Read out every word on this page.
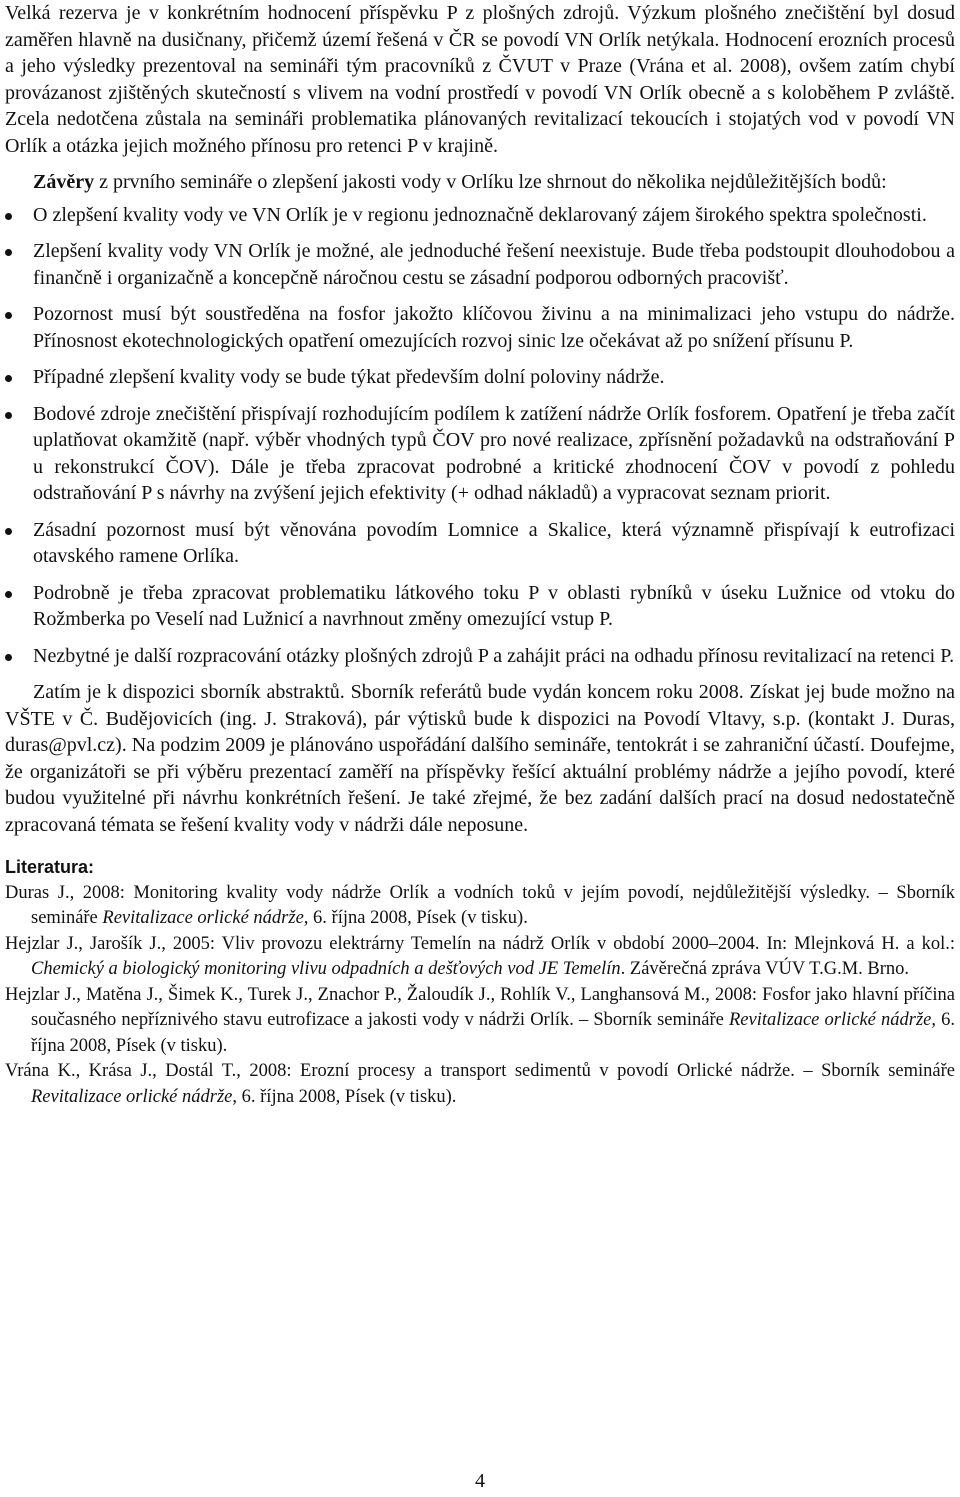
Velká rezerva je v konkrétním hodnocení příspěvku P z plošných zdrojů. Výzkum plošného znečištění byl dosud zaměřen hlavně na dusičnany, přičemž území řešená v ČR se povodí VN Orlík netýkala. Hodnocení erozních procesů a jeho výsledky prezentoval na semináři tým pracovníků z ČVUT v Praze (Vrána et al. 2008), ovšem zatím chybí provázanost zjištěných skutečností s vlivem na vodní prostředí v povodí VN Orlík obecně a s koloběhem P zvláště. Zcela nedotčena zůstala na semináři problematika plánovaných revitalizací tekoucích i stojatých vod v povodí VN Orlík a otázka jejich možného přínosu pro retenci P v krajině.

Závěry z prvního semináře o zlepšení jakosti vody v Orlíku lze shrnout do několika nejdůležitějších bodů:

O zlepšení kvality vody ve VN Orlík je v regionu jednoznačně deklarovaný zájem širokého spektra společnosti.
Zlepšení kvality vody VN Orlík je možné, ale jednoduché řešení neexistuje. Bude třeba podstoupit dlouhodobou a finančně i organizačně a koncepčně náročnou cestu se zásadní podporou odborných pracovišť.
Pozornost musí být soustředěna na fosfor jakožto klíčovou živinu a na minimalizaci jeho vstupu do nádrže. Přínosnost ekotechnologických opatření omezujících rozvoj sinic lze očekávat až po snížení přísunu P.
Případné zlepšení kvality vody se bude týkat především dolní poloviny nádrže.
Bodové zdroje znečištění přispívají rozhodujícím podílem k zatížení nádrže Orlík fosforem. Opatření je třeba začít uplatňovat okamžitě (např. výběr vhodných typů ČOV pro nové realizace, zpřísnění požadavků na odstraňování P u rekonstrukcí ČOV). Dále je třeba zpracovat podrobné a kritické zhodnocení ČOV v povodí z pohledu odstraňování P s návrhy na zvýšení jejich efektivity (+ odhad nákladů) a vypracovat seznam priorit.
Zásadní pozornost musí být věnována povodím Lomnice a Skalice, která významně přispívají k eutrofizaci otavského ramene Orlíka.
Podrobně je třeba zpracovat problematiku látkového toku P v oblasti rybníků v úseku Lužnice od vtoku do Rožmberka po Veselí nad Lužnicí a navrhnout změny omezující vstup P.
Nezbytné je další rozpracování otázky plošných zdrojů P a zahájit práci na odhadu přínosu revitalizací na retenci P.

Zatím je k dispozici sborník abstraktů. Sborník referátů bude vydán koncem roku 2008. Získat jej bude možno na VŠTE v Č. Budějovicích (ing. J. Straková), pár výtisků bude k dispozici na Povodí Vltavy, s.p. (kontakt J. Duras, duras@pvl.cz). Na podzim 2009 je plánováno uspořádání dalšího semináře, tentokrát i se zahraniční účastí. Doufejme, že organizátoři se při výběru prezentací zaměří na příspěvky řešící aktuální problémy nádrže a jejího povodí, které budou využitelné při návrhu konkrétních řešení. Je také zřejmé, že bez zadání dalších prací na dosud nedostatečně zpracovaná témata se řešení kvality vody v nádrži dále neposune.

Literatura:
Duras J., 2008: Monitoring kvality vody nádrže Orlík a vodních toků v jejím povodí, nejdůležitější výsledky. – Sborník semináře Revitalizace orlické nádrže, 6. října 2008, Písek (v tisku).
Hejzlar J., Jarošík J., 2005: Vliv provozu elektrárny Temelín na nádrž Orlík v období 2000–2004. In: Mlejnková H. a kol.: Chemický a biologický monitoring vlivu odpadních a dešťových vod JE Temelín. Závěrečná zpráva VÚV T.G.M. Brno.
Hejzlar J., Matěna J., Šimek K., Turek J., Znachor P., Žaloudík J., Rohlík V., Langhansová M., 2008: Fosfor jako hlavní příčina současného nepříznivého stavu eutrofizace a jakosti vody v nádrži Orlík. – Sborník semináře Revitalizace orlické nádrže, 6. října 2008, Písek (v tisku).
Vrána K., Krása J., Dostál T., 2008: Erozní procesy a transport sedimentů v povodí Orlické nádrže. – Sborník semináře Revitalizace orlické nádrže, 6. října 2008, Písek (v tisku).
4
